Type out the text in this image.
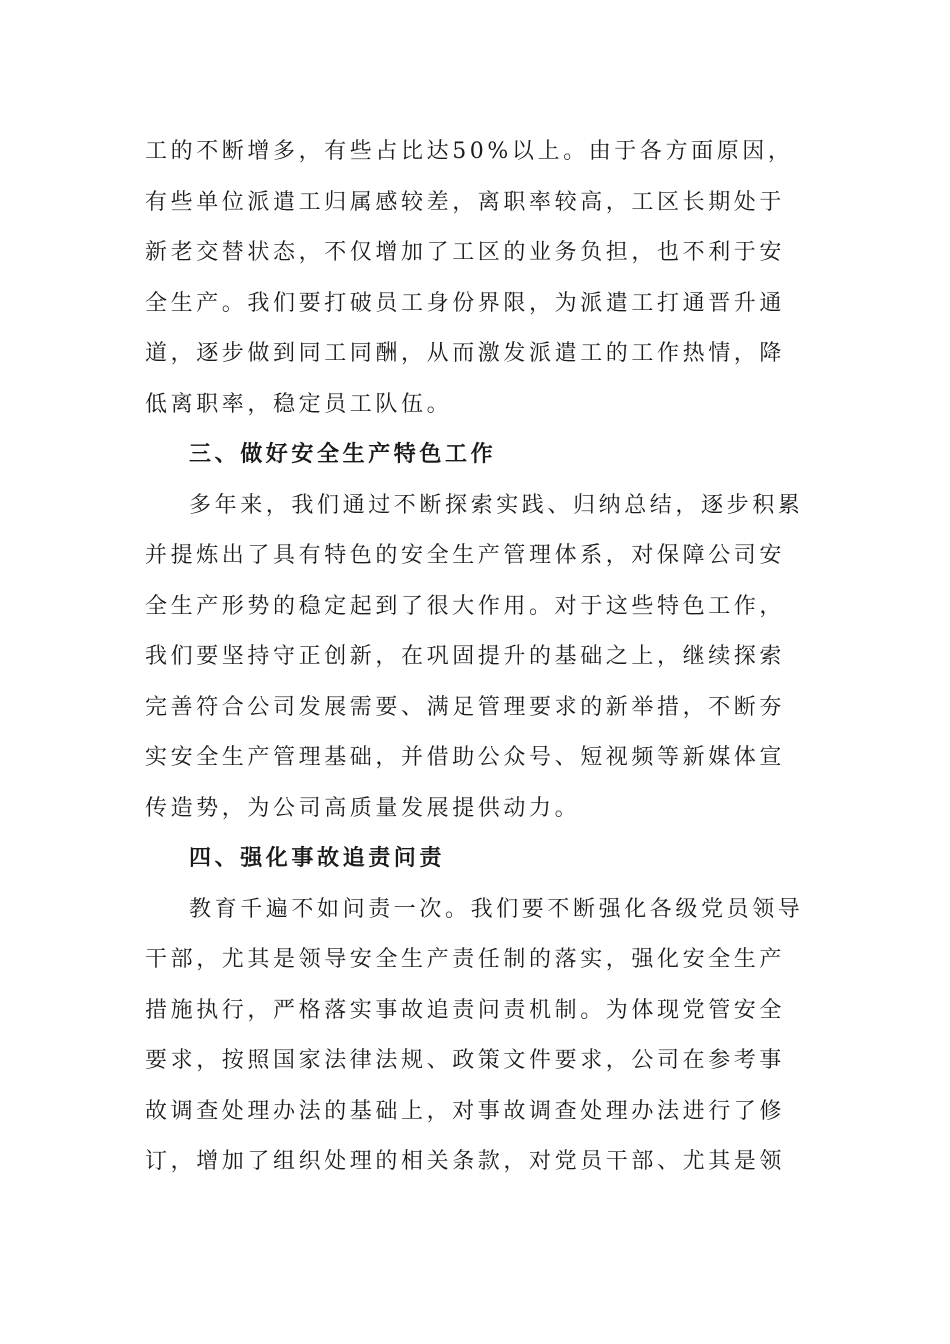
工的不断增多，有些占比达50%以上。由于各方面原因，
有些单位派遣工归属感较差，离职率较高，工区长期处于
新老交替状态，不仅增加了工区的业务负担，也不利于安
全生产。我们要打破员工身份界限，为派遣工打通晋升通
道，逐步做到同工同酬，从而激发派遣工的工作热情，降
低离职率，稳定员工队伍。
三、做好安全生产特色工作
多年来，我们通过不断探索实践、归纳总结，逐步积累
并提炼出了具有特色的安全生产管理体系，对保障公司安
全生产形势的稳定起到了很大作用。对于这些特色工作，
我们要坚持守正创新，在巩固提升的基础之上，继续探索
完善符合公司发展需要、满足管理要求的新举措，不断夯
实安全生产管理基础，并借助公众号、短视频等新媒体宣
传造势，为公司高质量发展提供动力。
四、强化事故追责问责
教育千遍不如问责一次。我们要不断强化各级党员领导
干部，尤其是领导安全生产责任制的落实，强化安全生产
措施执行，严格落实事故追责问责机制。为体现党管安全
要求，按照国家法律法规、政策文件要求，公司在参考事
故调查处理办法的基础上，对事故调查处理办法进行了修
订，增加了组织处理的相关条款，对党员干部、尤其是领
